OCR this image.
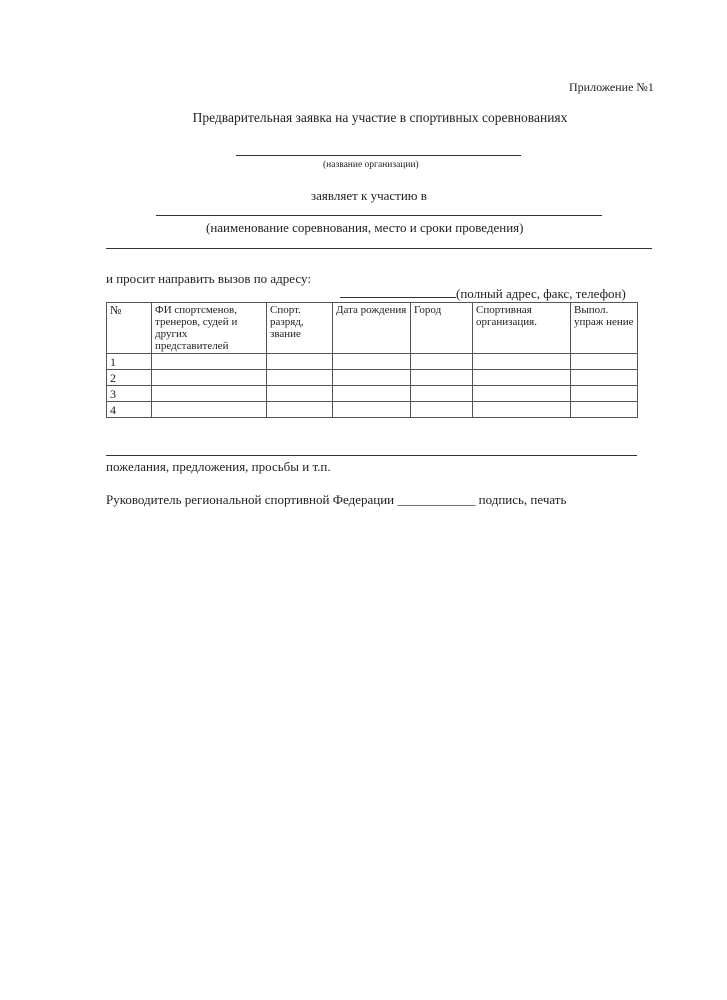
Приложение №1
Предварительная заявка на участие в спортивных соревнованиях
(название организации)
заявляет к участию в
(наименование соревнования, место и сроки проведения)
и просит направить вызов по адресу:
(полный адрес, факс, телефон)
№	ФИ спортсменов, тренеров, судей и других представителей	Спорт. разряд, звание	Дата рождения	Город	Спортивная организация.	Выпол. упраж нение
1						
2						
3						
4						
пожелания, предложения, просьбы и т.п.
Руководитель региональной спортивной Федерации ____________ подпись, печать
